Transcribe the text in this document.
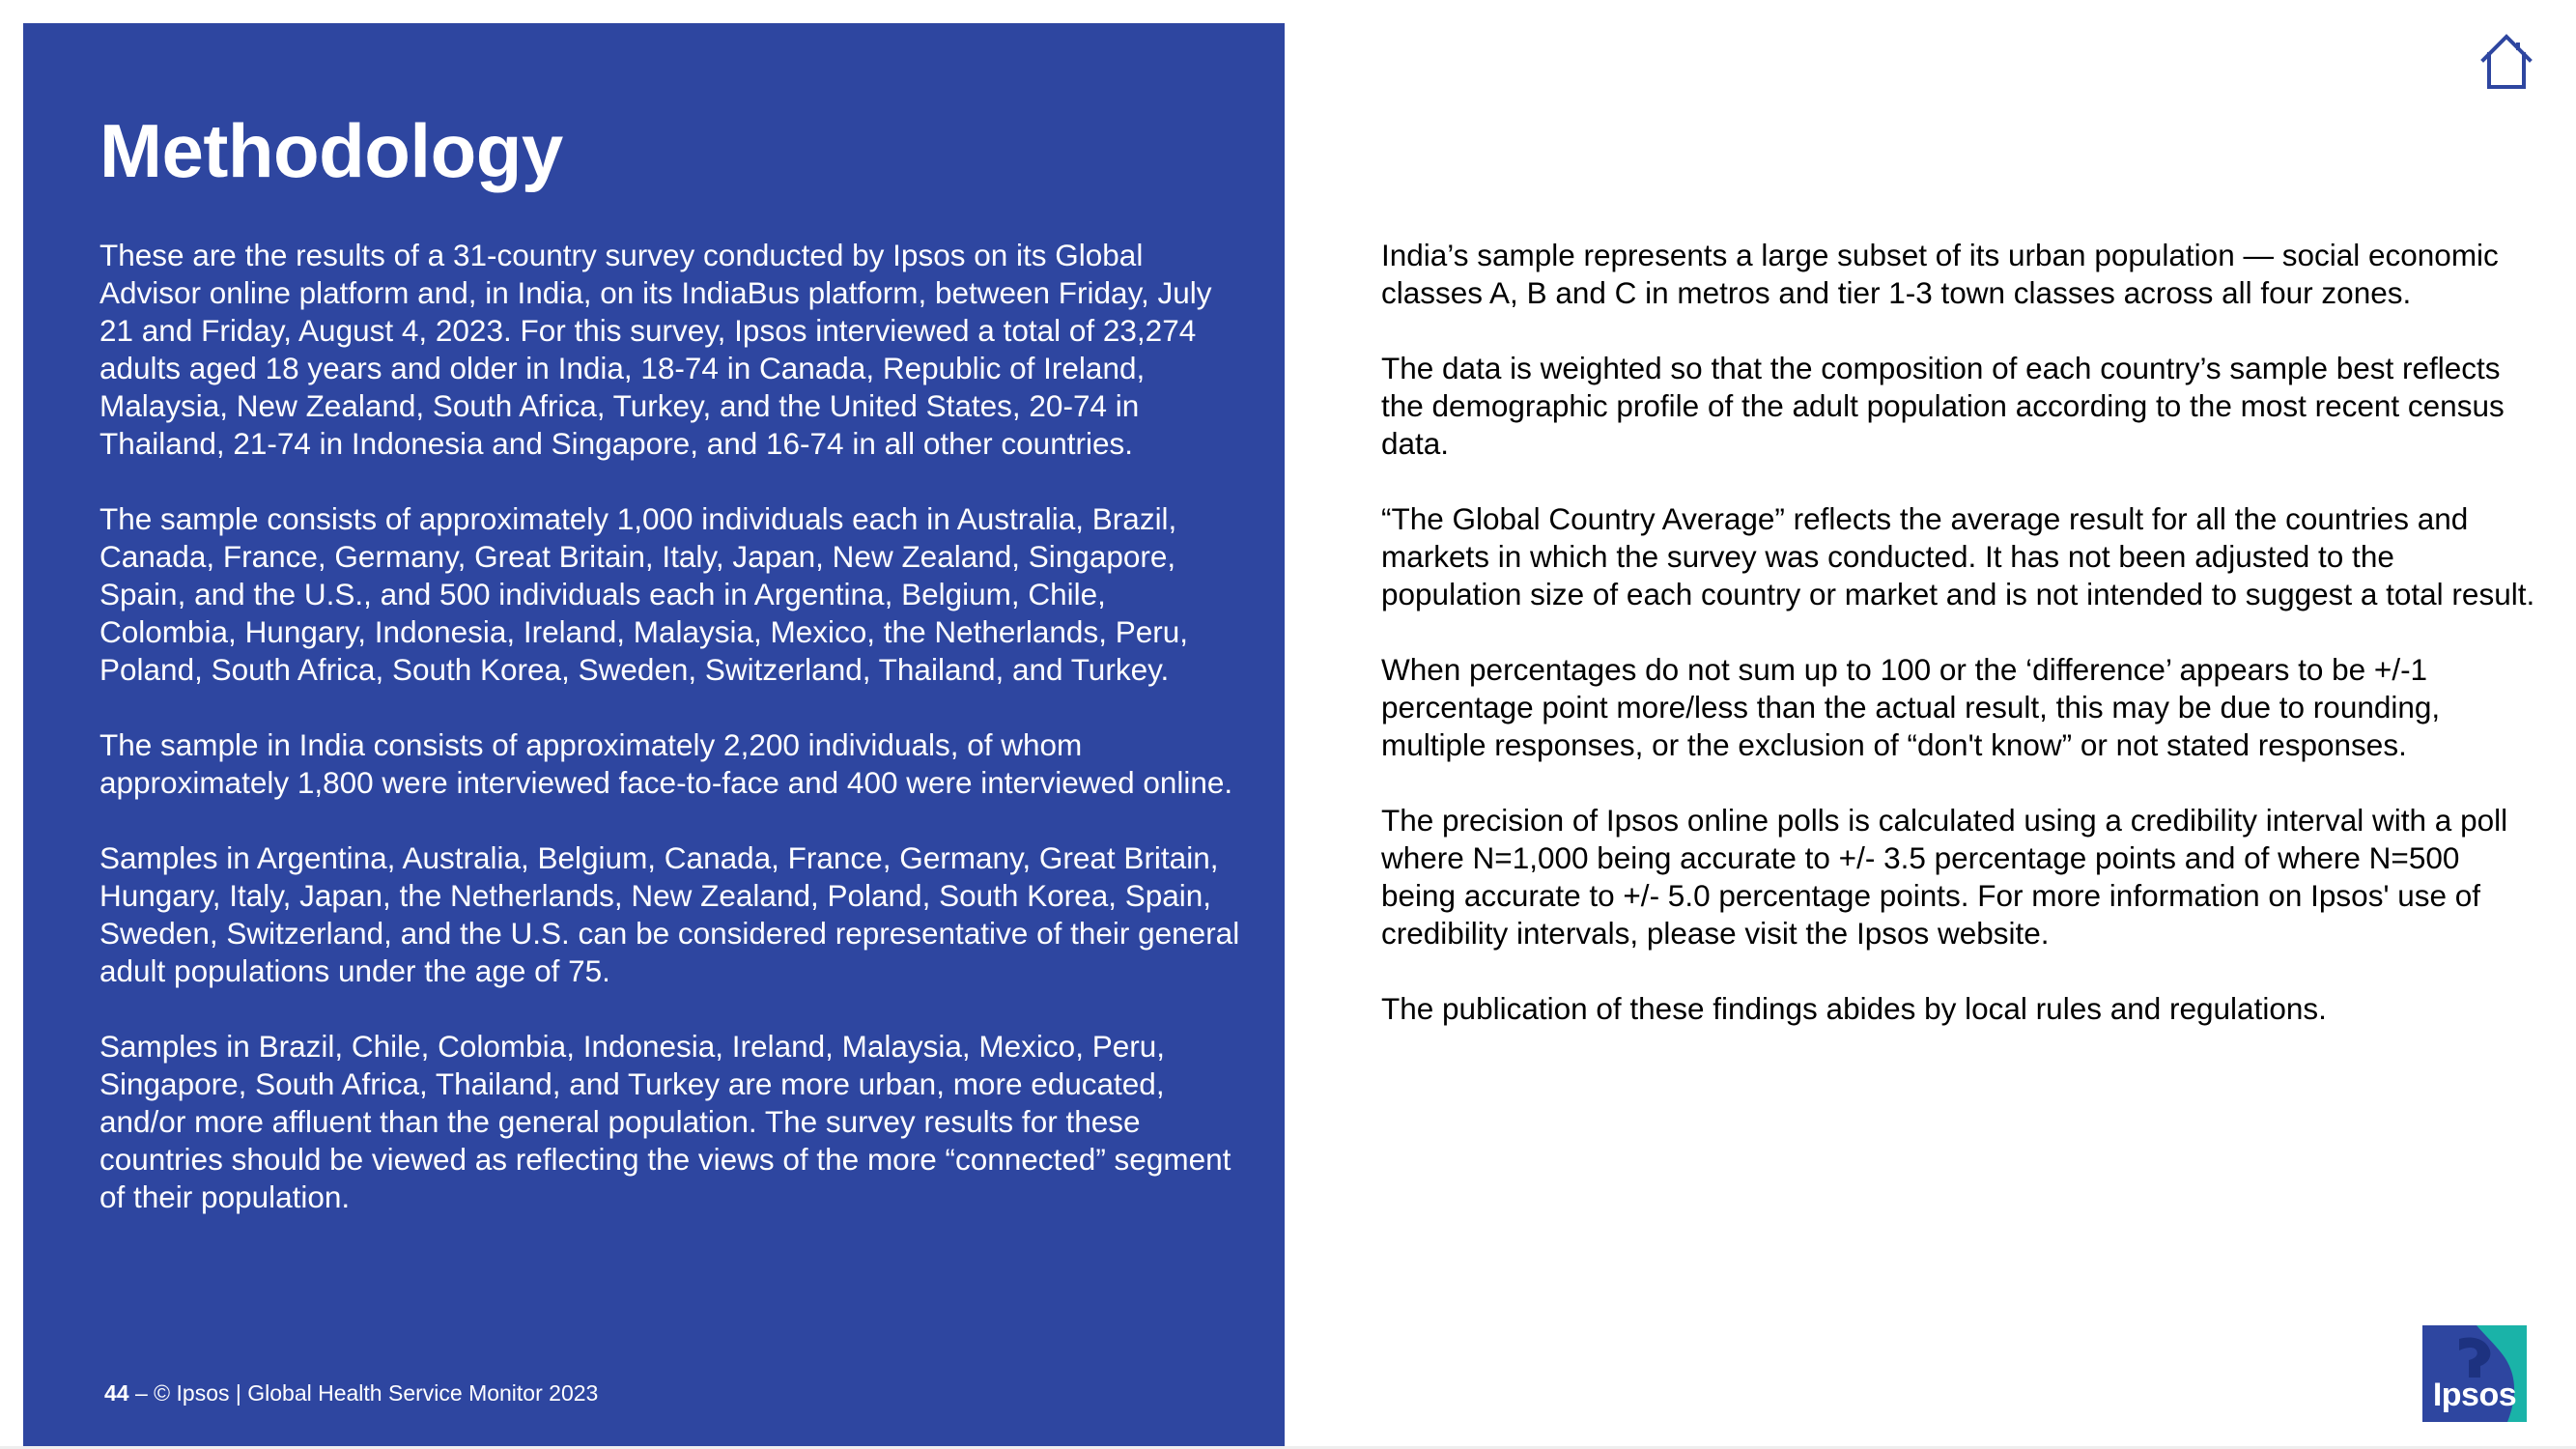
Methodology

These are the results of a 31-country survey conducted by Ipsos on its Global Advisor online platform and, in India, on its IndiaBus platform, between Friday, July 21 and Friday, August 4, 2023. For this survey, Ipsos interviewed a total of 23,274 adults aged 18 years and older in India, 18-74 in Canada, Republic of Ireland, Malaysia, New Zealand, South Africa, Turkey, and the United States, 20-74 in Thailand, 21-74 in Indonesia and Singapore, and 16-74 in all other countries.

The sample consists of approximately 1,000 individuals each in Australia, Brazil, Canada, France, Germany, Great Britain, Italy, Japan, New Zealand, Singapore, Spain, and the U.S., and 500 individuals each in Argentina, Belgium, Chile, Colombia, Hungary, Indonesia, Ireland, Malaysia, Mexico, the Netherlands, Peru, Poland, South Africa, South Korea, Sweden, Switzerland, Thailand, and Turkey.

The sample in India consists of approximately 2,200 individuals, of whom approximately 1,800 were interviewed face-to-face and 400 were interviewed online.

Samples in Argentina, Australia, Belgium, Canada, France, Germany, Great Britain, Hungary, Italy, Japan, the Netherlands, New Zealand, Poland, South Korea, Spain, Sweden, Switzerland, and the U.S. can be considered representative of their general adult populations under the age of 75.

Samples in Brazil, Chile, Colombia, Indonesia, Ireland, Malaysia, Mexico, Peru, Singapore, South Africa, Thailand, and Turkey are more urban, more educated, and/or more affluent than the general population. The survey results for these countries should be viewed as reflecting the views of the more “connected” segment of their population.

44 – © Ipsos | Global Health Service Monitor 2023

India’s sample represents a large subset of its urban population — social economic classes A, B and C in metros and tier 1-3 town classes across all four zones.

The data is weighted so that the composition of each country’s sample best reflects the demographic profile of the adult population according to the most recent census data.

“The Global Country Average” reflects the average result for all the countries and markets in which the survey was conducted. It has not been adjusted to the population size of each country or market and is not intended to suggest a total result.

When percentages do not sum up to 100 or the ‘difference’ appears to be +/-1 percentage point more/less than the actual result, this may be due to rounding, multiple responses, or the exclusion of “don't know” or not stated responses.

The precision of Ipsos online polls is calculated using a credibility interval with a poll where N=1,000 being accurate to +/- 3.5 percentage points and of where N=500 being accurate to +/- 5.0 percentage points. For more information on Ipsos' use of credibility intervals, please visit the Ipsos website.

The publication of these findings abides by local rules and regulations.

Ipsos
